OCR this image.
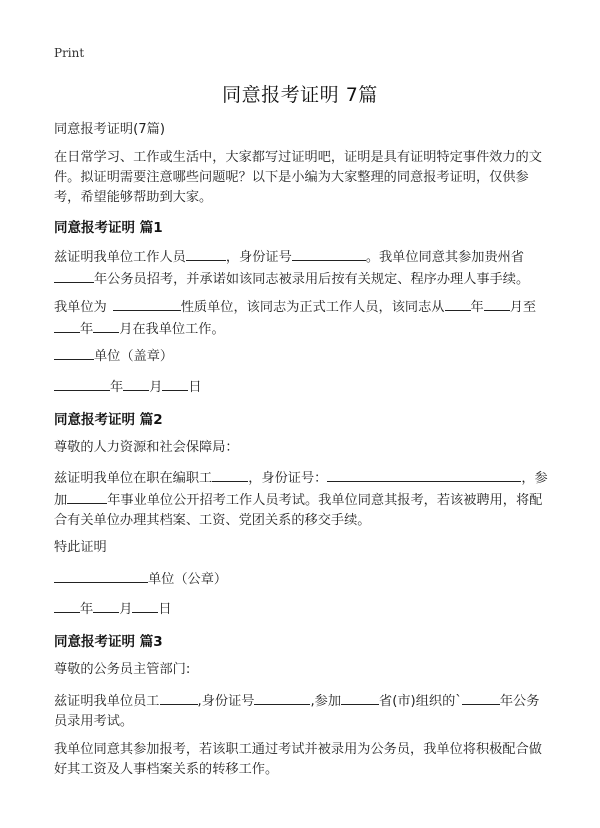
Print
同意报考证明 7篇

同意报考证明(7篇)

在日常学习、工作或生活中，大家都写过证明吧，证明是具有证明特定事件效力的文件。拟证明需要注意哪些问题呢？以下是小编为大家整理的同意报考证明，仅供参考，希望能够帮助到大家。

同意报考证明 篇1

兹证明我单位工作人员	，身份证号	。我单位同意其参加贵州省年公务员招考，并承诺如该同志被录用后按有关规定、程序办理人事手续。

我单位为	性质单位，该同志为正式工作人员，该同志从 年 月至年 月在我单位工作。

单位（盖章）

年 月 日

同意报考证明 篇2

尊敬的人力资源和社会保障局：

兹证明我单位在职在编职工	，身份证号：	，参加	年事业单位公开招考工作人员考试。我单位同意其报考，若该被聘用，将配合有关单位办理其档案、工资、党团关系的移交手续。

特此证明

单位（公章）

年 月 日

同意报考证明 篇3

尊敬的公务员主管部门:

兹证明我单位员工	,身份证号	,参加	省(市)组织的`	年公务员录用考试。

我单位同意其参加报考，若该职工通过考试并被录用为公务员，我单位将积极配合做好其工资及人事档案关系的转移工作。
